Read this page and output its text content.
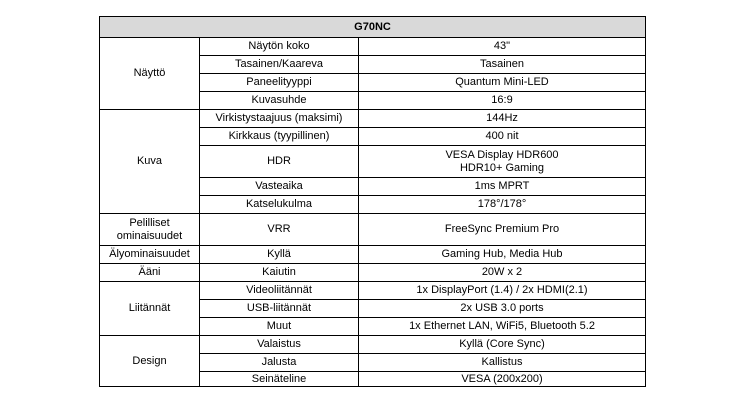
G70NC		
Näyttö	Näytön koko	43"
	Tasainen/Kaareva	Tasainen
	Paneelityyppi	Quantum Mini-LED
	Kuvasuhde	16:9
Kuva	Virkistystaajuus (maksimi)	144Hz
	Kirkkaus (tyypillinen)	400 nit
	HDR	VESA Display HDR600
HDR10+ Gaming

	Vasteaika	1ms MPRT
	Katselukulma	178°/178°
Pelilliset
ominaisuudet	VRR	FreeSync Premium Pro
Älyominaisuudet	Kyllä	Gaming Hub, Media Hub
Ääni	Kaiutin	20W x 2
Liitännät	Videoliitännät	1x DisplayPort (1.4) / 2x HDMI(2.1)
	USB-liitännät	2x USB 3.0 ports
	Muut	1x Ethernet LAN, WiFi5, Bluetooth 5.2
Design	Valaistus	Kyllä (Core Sync)
	Jalusta	Kallistus
	Seinäteline	VESA (200x200)
